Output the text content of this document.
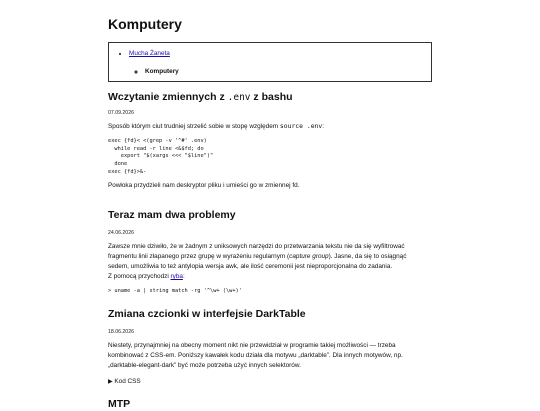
Komputery
• Mucha Żaneta
◦ Komputery
Wczytanie zmiennych z .env z bashu

07.09.2026

Sposób którym ciut trudniej strzelić sobie w stopę względem source .env:

exec {fd}< <(grep -v '^#' .env)
while read -r line <&$fd; do
export "$(xargs <<< "$line")"
done
exec {fd}>&-

Powłoka przydzieli nam deskryptor pliku i umieści go w zmiennej fd.

Teraz mam dwa problemy

24.06.2026

Zawsze mnie dziwiło, że w żadnym z uniksowych narzędzi do przetwarzania tekstu nie da się wyfiltrować
fragmentu linii złapanego przez grupę w wyrażeniu regularnym (capture group). Jasne, da się to osiągnąć
sedem, umożliwia to też antylopia wersja awk, ale ilość ceremonii jest nieproporcjonalna do zadania.
Z pomocą przychodzi ryba:

> uname -a | string match -rg '^\w+ (\w+)'
Zmiana czcionki w interfejsie DarkTable

18.06.2026

Niestety, przynajmniej na obecny moment nikt nie przewidział w programie takiej możliwości — trzeba
kombinować z CSS-em. Poniższy kawałek kodu działa dla motywu „darktable”. Dla innych motywów, np.
„darktable-elegant-dark” być może potrzeba użyć innych selektorów.

▶ Kod CSS
MTP
